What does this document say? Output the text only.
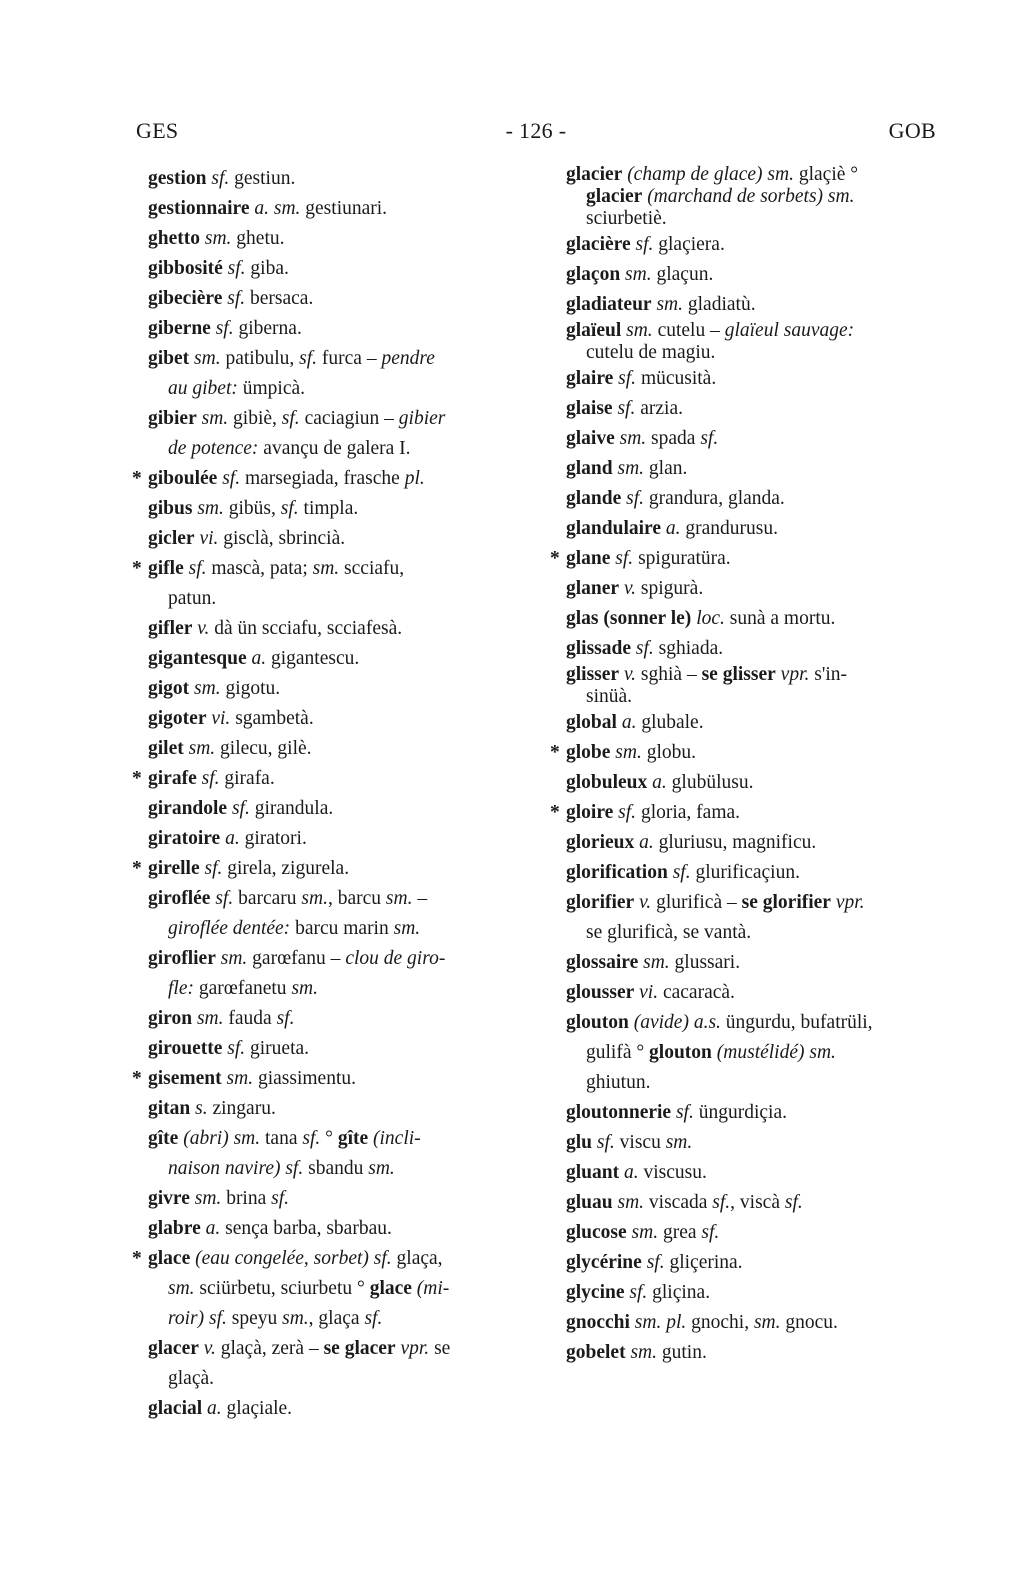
GES	- 126 -	GOB

gestion sf. gestiun.

gestionnaire a. sm. gestiunari.

ghetto sm. ghetu.

gibbosité sf. giba.

gibecière sf. bersaca.

giberne sf. giberna.

gibet sm. patibulu, sf. furca – pendre
au gibet: ümpicà.

gibier sm. gibiè, sf. caciagiun – gibier
de potence: avançu de galera I.

* giboulée sf. marsegiada, frasche pl.

gibus sm. gibüs, sf. timpla.

gicler vi. gisclà, sbrincià.

* gifle sf. mascà, pata; sm. scciafu,
patun.

gifler v. dà ün scciafu, scciafesà.

gigantesque a. gigantescu.

gigot sm. gigotu.

gigoter vi. sgambetà.

gilet sm. gilecu, gilè.

* girafe sf. girafa.

girandole sf. girandula.

giratoire a. giratori.

* girelle sf. girela, zigurela.

giroflée sf. barcaru sm., barcu sm. –
giroflée dentée: barcu marin sm.

giroflier sm. garœfanu – clou de giro-
fle: garœfanetu sm.

giron sm. fauda sf.

girouette sf. girueta.

* gisement sm. giassimentu.

gitan s. zingaru.

gîte (abri) sm. tana sf. ° gîte (incli-
naison navire) sf. sbandu sm.

givre sm. brina sf.

glabre a. sença barba, sbarbau.

* glace (eau congelée, sorbet) sf. glaça,
sm. sciürbetu, sciurbetu ° glace (mi-
roir) sf. speyu sm., glaça sf.

glacer v. glaçà, zerà – se glacer vpr. se
glaçà.

glacial a. glaçiale.

glacier (champ de glace) sm. glaçiè °
glacier (marchand de sorbets) sm.
sciurbetiè.

glacière sf. glaçiera.

glaçon sm. glaçun.

gladiateur sm. gladiatù.

glaïeul sm. cutelu – glaïeul sauvage:
cutelu de magiu.

glaire sf. mücusità.

glaise sf. arzia.

glaive sm. spada sf.

gland sm. glan.

glande sf. grandura, glanda.

glandulaire a. grandurusu.

* glane sf. spiguratüra.

glaner v. spigurà.

glas (sonner le) loc. sunà a mortu.

glissade sf. sghiada.

glisser v. sghià – se glisser vpr. s'in-
sinüà.

global a. glubale.

* globe sm. globu.

globuleux a. glubülusu.

* gloire sf. gloria, fama.

glorieux a. gluriusu, magnificu.

glorification sf. glurificaçiun.

glorifier v. glurificà – se glorifier vpr.
se glurificà, se vantà.

glossaire sm. glussari.

glousser vi. cacaracà.

glouton (avide) a.s. üngurdu, bufatrüli,
gulifà ° glouton (mustélidé) sm.
ghiutun.

gloutonnerie sf. üngurdiçia.

glu sf. viscu sm.

gluant a. viscusu.

gluau sm. viscada sf., viscà sf.

glucose sm. grea sf.

glycérine sf. gliçerina.

glycine sf. gliçina.

gnocchi sm. pl. gnochi, sm. gnocu.

gobelet sm. gutin.
